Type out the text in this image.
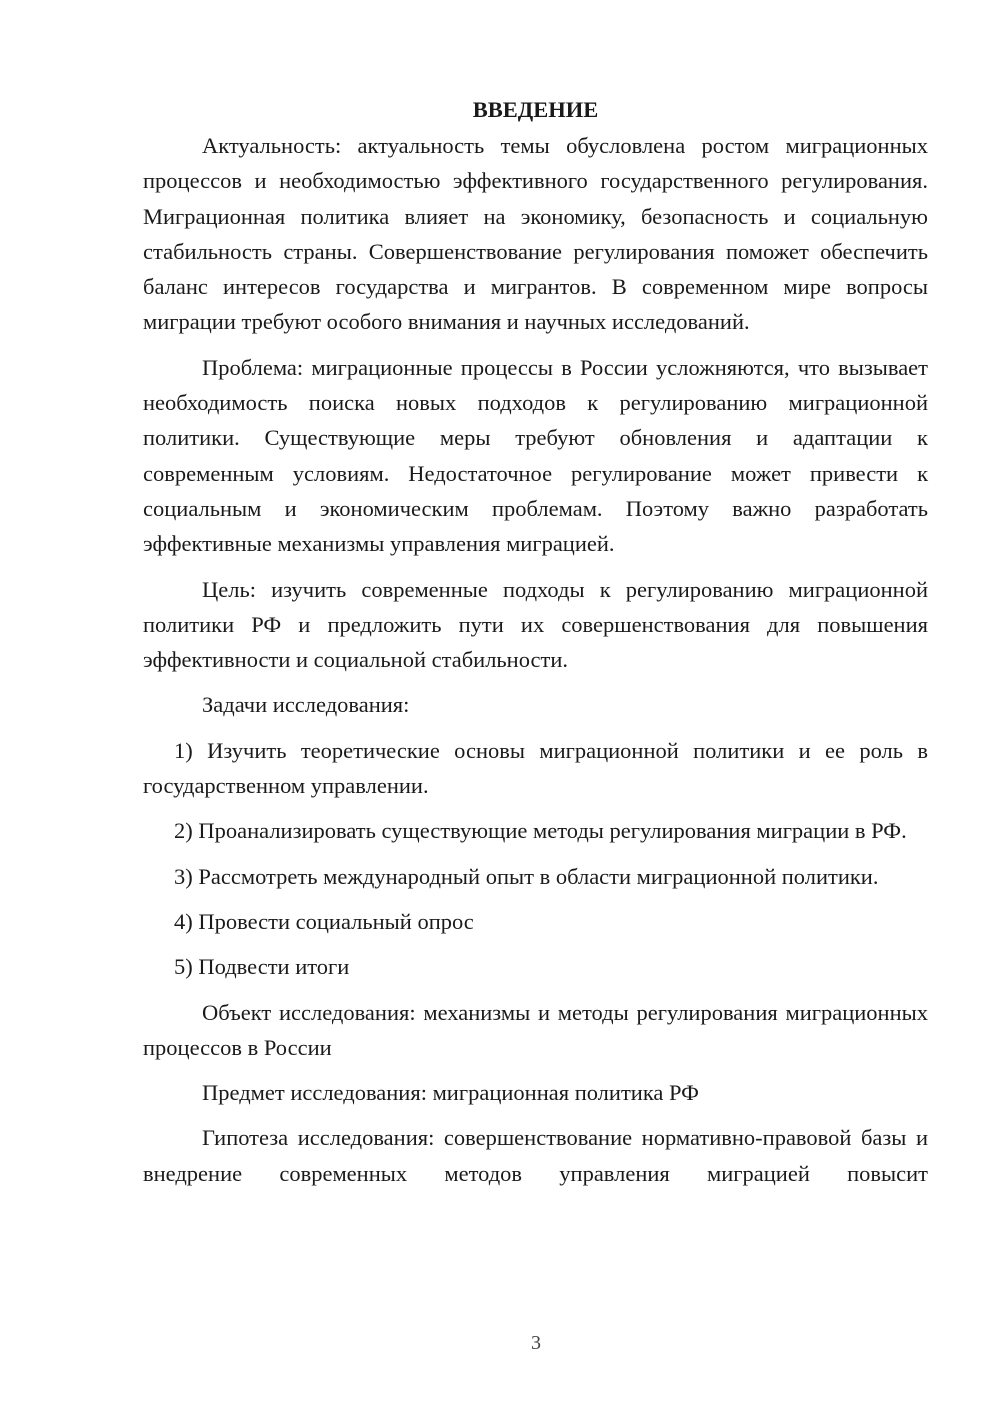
ВВЕДЕНИЕ

Актуальность: актуальность темы обусловлена ростом миграционных процессов и необходимостью эффективного государственного регулирования. Миграционная политика влияет на экономику, безопасность и социальную стабильность страны. Совершенствование регулирования поможет обеспечить баланс интересов государства и мигрантов. В современном мире вопросы миграции требуют особого внимания и научных исследований.

Проблема: миграционные процессы в России усложняются, что вызывает необходимость поиска новых подходов к регулированию миграционной политики. Существующие меры требуют обновления и адаптации к современным условиям. Недостаточное регулирование может привести к социальным и экономическим проблемам. Поэтому важно разработать эффективные механизмы управления миграцией.

Цель: изучить современные подходы к регулированию миграционной политики РФ и предложить пути их совершенствования для повышения эффективности и социальной стабильности.

Задачи исследования:

1) Изучить теоретические основы миграционной политики и ее роль в государственном управлении.

2) Проанализировать существующие методы регулирования миграции в РФ.

3) Рассмотреть международный опыт в области миграционной политики.

4) Провести социальный опрос

5) Подвести итоги

Объект исследования: механизмы и методы регулирования миграционных процессов в России

Предмет исследования: миграционная политика РФ

Гипотеза исследования: совершенствование нормативно-правовой базы и внедрение современных методов управления миграцией повысит

3
